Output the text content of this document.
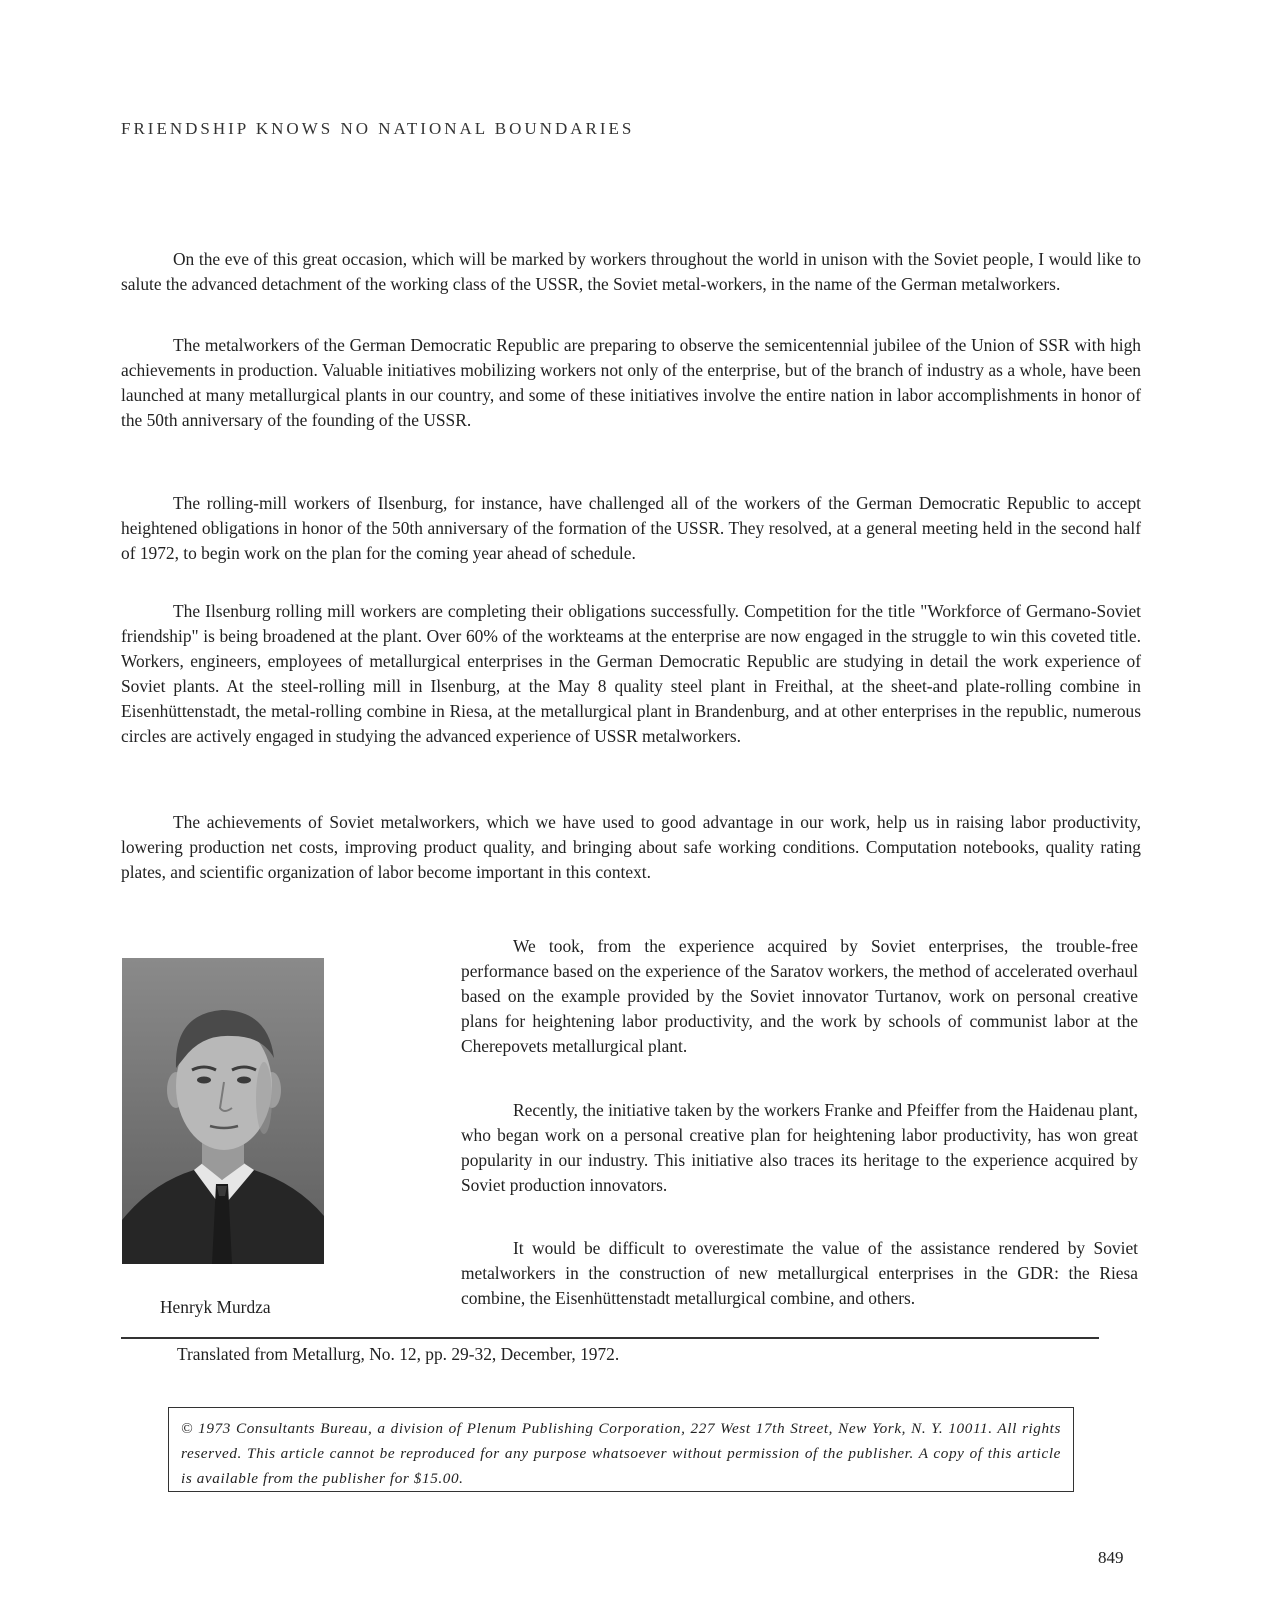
FRIENDSHIP KNOWS NO NATIONAL BOUNDARIES

On the eve of this great occasion, which will be marked by workers throughout the world in unison with the Soviet people, I would like to salute the advanced detachment of the working class of the USSR, the Soviet metal-workers, in the name of the German metalworkers.

The metalworkers of the German Democratic Republic are preparing to observe the semicentennial jubilee of the Union of SSR with high achievements in production. Valuable initiatives mobilizing workers not only of the enterprise, but of the branch of industry as a whole, have been launched at many metallurgical plants in our country, and some of these initiatives involve the entire nation in labor accomplishments in honor of the 50th anniversary of the founding of the USSR.

The rolling-mill workers of Ilsenburg, for instance, have challenged all of the workers of the German Democratic Republic to accept heightened obligations in honor of the 50th anniversary of the formation of the USSR. They resolved, at a general meeting held in the second half of 1972, to begin work on the plan for the coming year ahead of schedule.

The Ilsenburg rolling mill workers are completing their obligations successfully. Competition for the title "Workforce of Germano-Soviet friendship" is being broadened at the plant. Over 60% of the workteams at the enterprise are now engaged in the struggle to win this coveted title. Workers, engineers, employees of metallurgical enterprises in the German Democratic Republic are studying in detail the work experience of Soviet plants. At the steel-rolling mill in Ilsenburg, at the May 8 quality steel plant in Freithal, at the sheet-and plate-rolling combine in Eisenhüttenstadt, the metal-rolling combine in Riesa, at the metallurgical plant in Brandenburg, and at other enterprises in the republic, numerous circles are actively engaged in studying the advanced experience of USSR metalworkers.

The achievements of Soviet metalworkers, which we have used to good advantage in our work, help us in raising labor productivity, lowering production net costs, improving product quality, and bringing about safe working conditions. Computation notebooks, quality rating plates, and scientific organization of labor become important in this context.

Henryk Murdza

We took, from the experience acquired by Soviet enterprises, the trouble-free performance based on the experience of the Saratov workers, the method of accelerated overhaul based on the example provided by the Soviet innovator Turtanov, work on personal creative plans for heightening labor productivity, and the work by schools of communist labor at the Cherepovets metallurgical plant.

Recently, the initiative taken by the workers Franke and Pfeiffer from the Haidenau plant, who began work on a personal creative plan for heightening labor productivity, has won great popularity in our industry. This initiative also traces its heritage to the experience acquired by Soviet production innovators.

It would be difficult to overestimate the value of the assistance rendered by Soviet metalworkers in the construction of new metallurgical enterprises in the GDR: the Riesa combine, the Eisenhüttenstadt metallurgical combine, and others.

Translated from Metallurg, No. 12, pp. 29-32, December, 1972.

© 1973 Consultants Bureau, a division of Plenum Publishing Corporation, 227 West 17th Street, New York, N. Y. 10011. All rights reserved. This article cannot be reproduced for any purpose whatsoever without permission of the publisher. A copy of this article is available from the publisher for $15.00.

849
